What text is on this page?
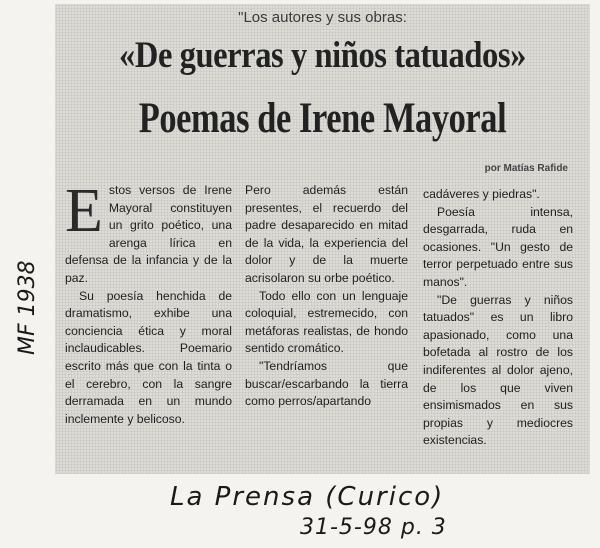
"Los autores y sus obras:
«De guerras y niños tatuados»
Poemas de Irene Mayoral
por Matías Rafide
E stos versos de Irene Mayoral constituyen un grito poético, una arenga lírica en defensa de la infancia y de la paz.

Su poesía henchida de dramatismo, exhibe una conciencia ética y moral inclaudicables. Poemario escrito más que con la tinta o el cerebro, con la sangre derramada en un mundo inclemente y belicoso.

Pero además están presentes, el recuerdo del padre desaparecido en mitad de la vida, la experiencia del dolor y de la muerte acrisolaron su orbe poético.

Todo ello con un lenguaje coloquial, estremecido, con metáforas realistas, de hondo sentido cromático.

"Tendríamos que buscar/escarbando la tierra como perros/apartando

cadáveres y piedras".

Poesía intensa, desgarrada, ruda en ocasiones. "Un gesto de terror perpetuado entre sus manos".

"De guerras y niños tatuados" es un libro apasionado, como una bofetada al rostro de los indiferentes al dolor ajeno, de los que viven ensimismados en sus propias y mediocres existencias.

MF 1938
La Prensa (Curico)
31-5-98 p. 3
